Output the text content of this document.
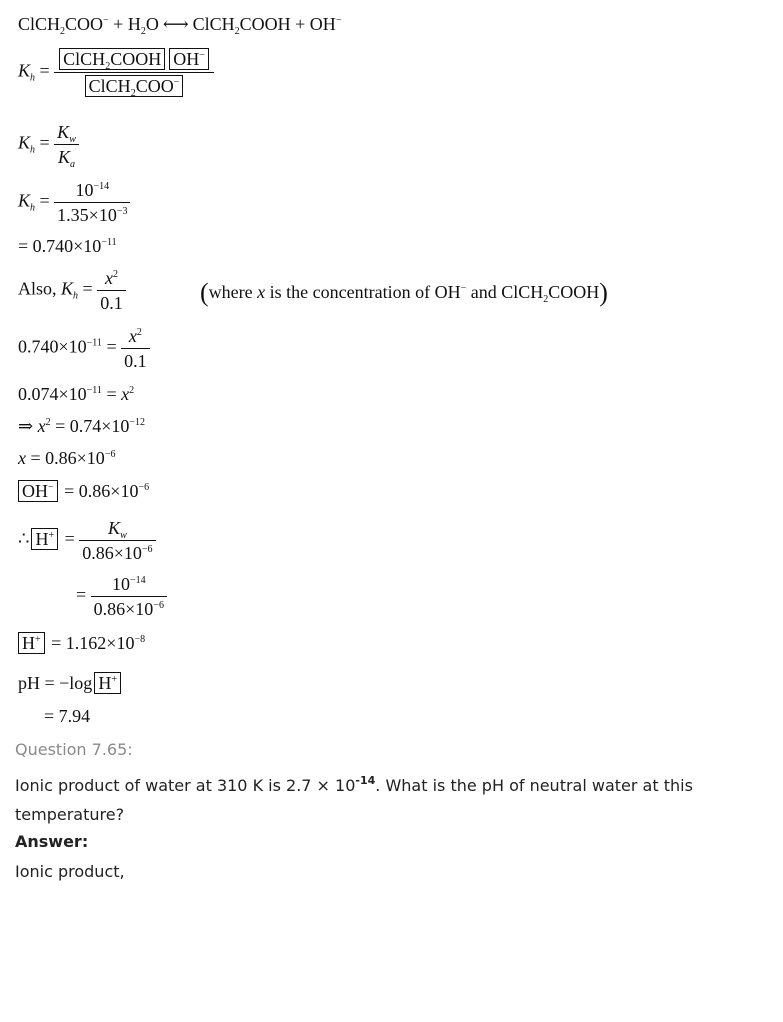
ClCH$_2$COO− + $H_2O$ ⟷ ClCH$_2$COOH + OH−
$K_h = \frac{ClCH_2COOH OH^-}{ClCH_2COO^-}$
$K_h = \frac{K_w}{K_a}$
$K_h = \frac{10^{-14}}{1.35\times 10^{-3}}$
= $0.740\times 10^{-11}$
Also, $K_h = \frac{x^2}{0.1}$	(where x is the concentration of OH− and ClCH$_2$COOH)
$0.740\times 10^{-11} = \frac{x^2}{0.1}$
$0.074\times 10^{-11} = x^2$
⇒ $x^2 = 0.74\times 10^{-12}$
$x = 0.86\times 10^{-6}$
$OH^- = 0.86\times 10^{-6}$
∴ $H^+ = \frac{K_w}{0.86\times 10^{-6}}$
= $\frac{10^{-14}}{0.86\times 10^{-6}}$
$H^+ = 1.162\times 10^{-8}$
pH = −log H+
= 7.94
Question 7.65:
Ionic product of water at 310 K is $2.7 \times 10^{-14}$. What is the pH of neutral water at this
temperature?
Answer:
Ionic product,
